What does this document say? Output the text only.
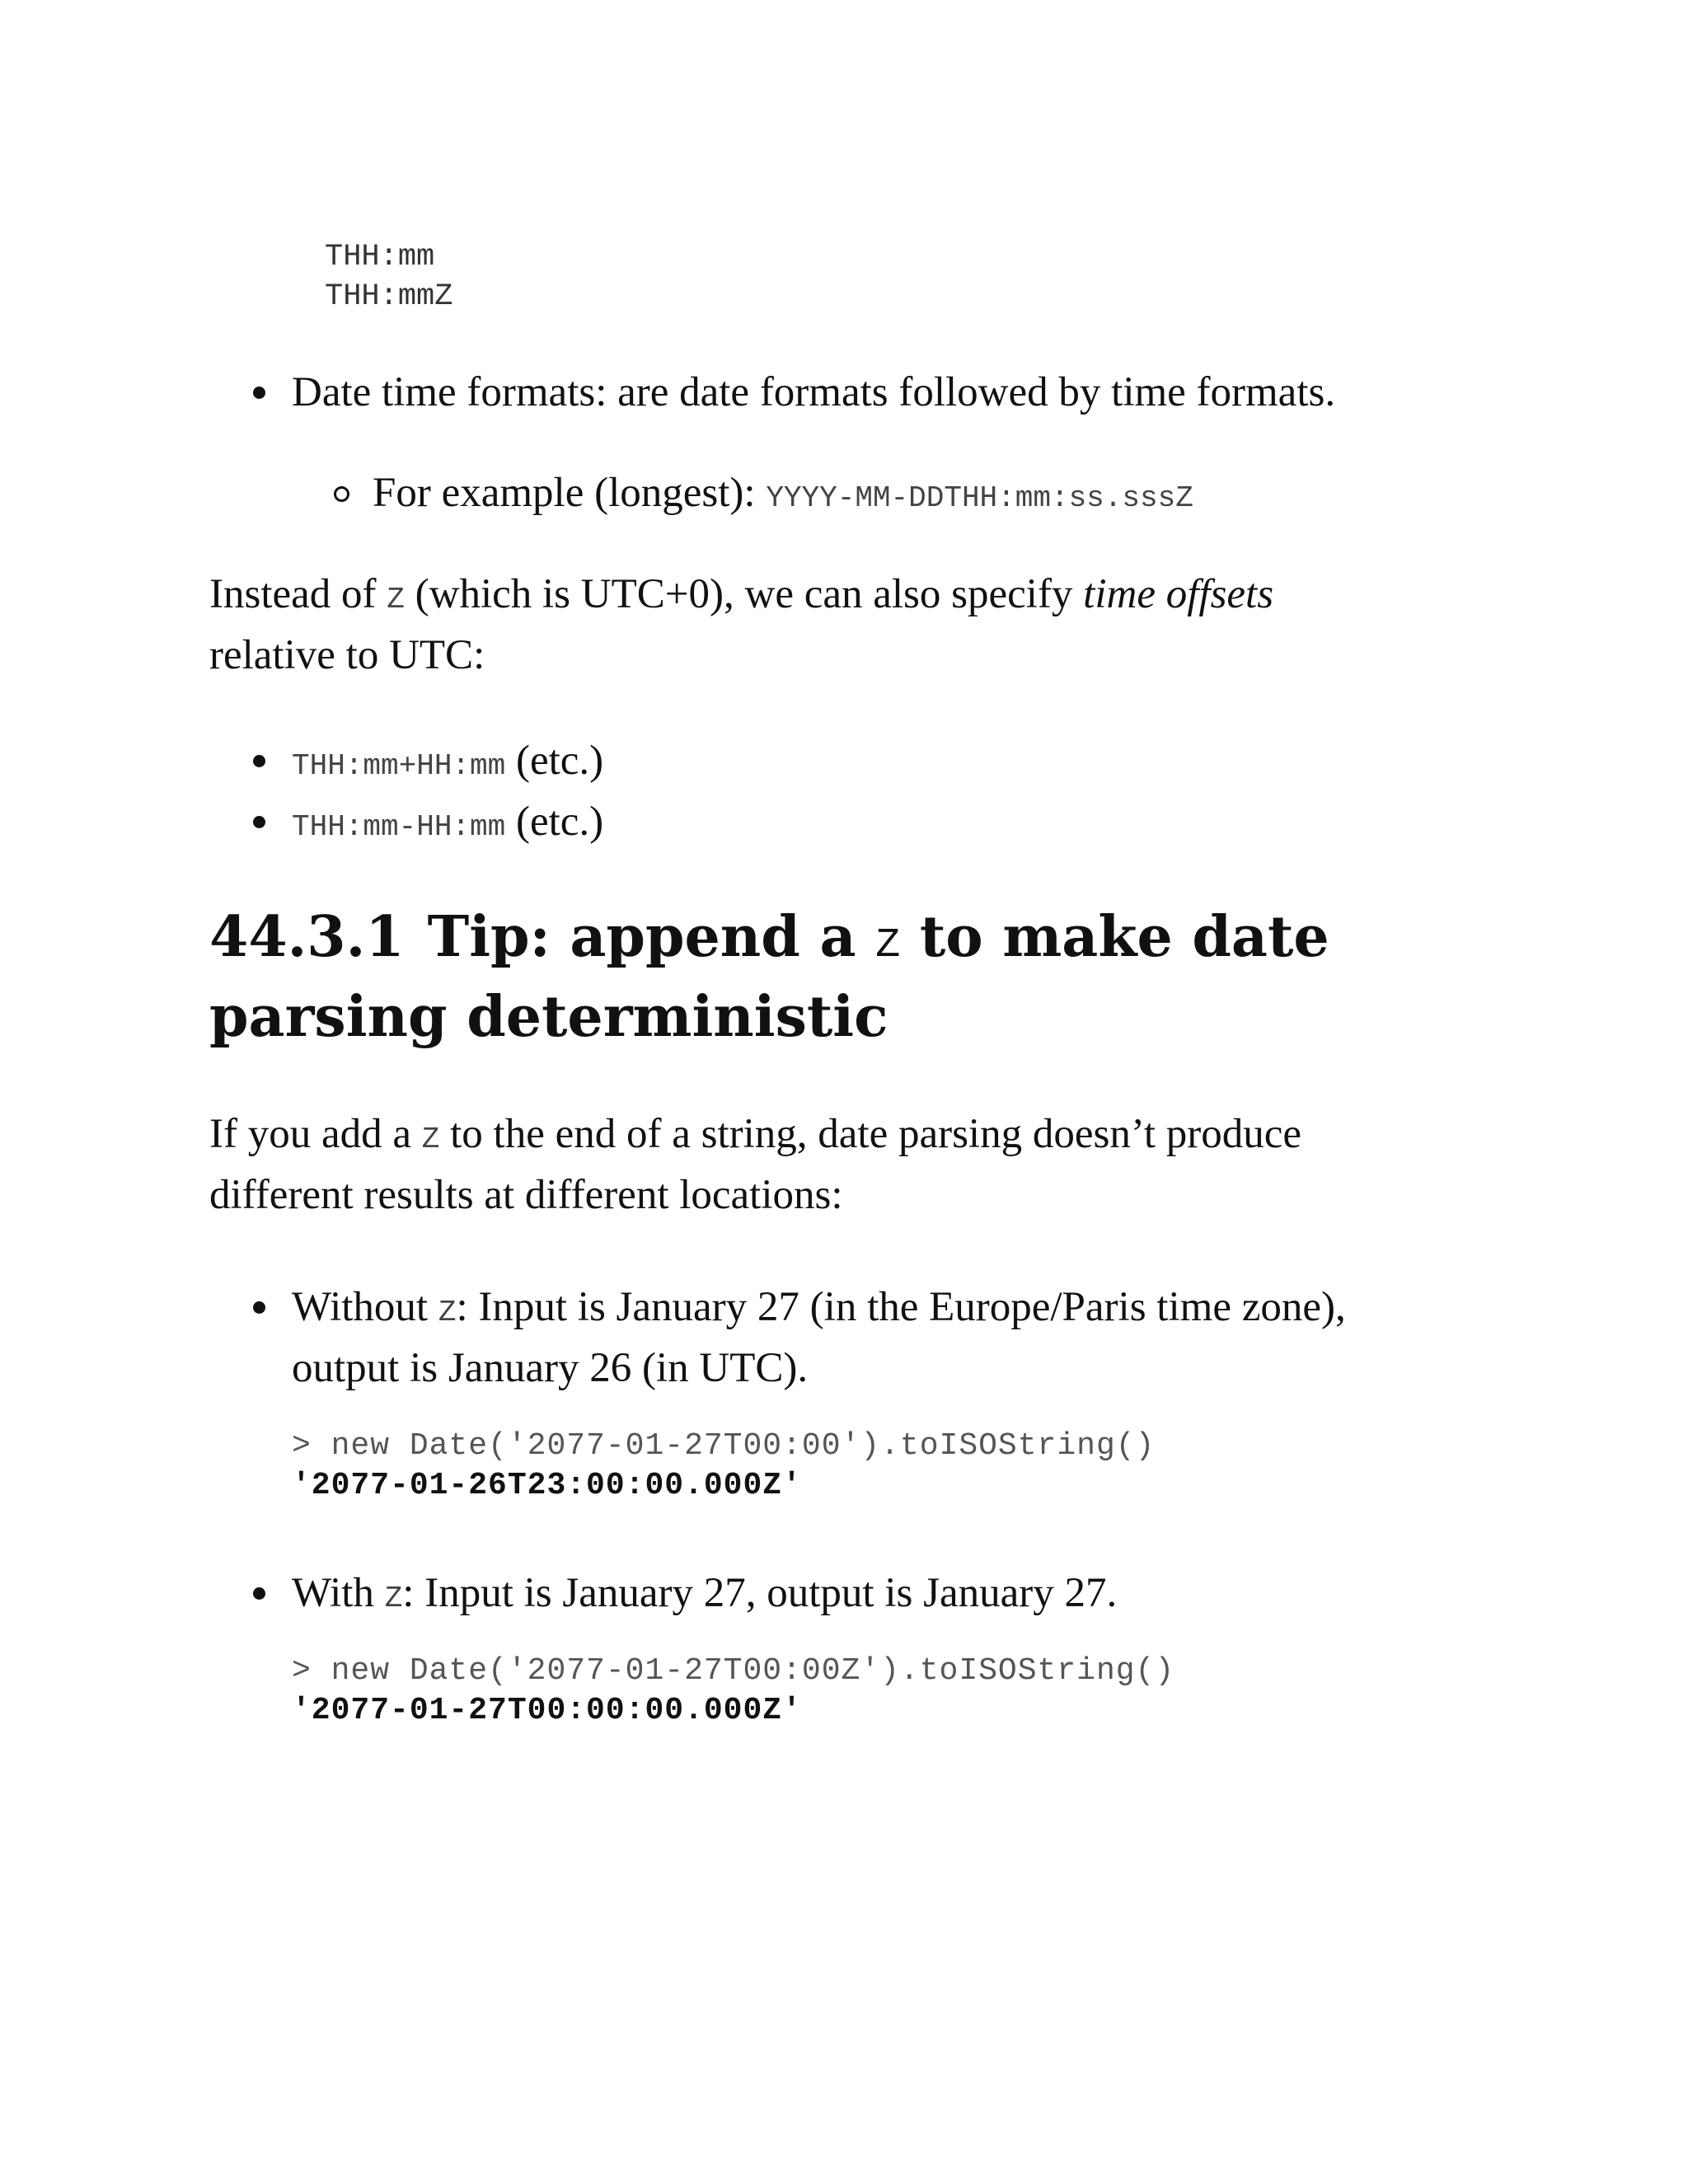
THH:mm
THH:mmZ
Date time formats: are date formats followed by time formats.
For example (longest): YYYY-MM-DDTHH:mm:ss.sssZ
Instead of Z (which is UTC+0), we can also specify time offsets
relative to UTC:
THH:mm+HH:mm (etc.)
THH:mm-HH:mm (etc.)
44.3.1 Tip: append a Z to make date
parsing deterministic
If you add a Z to the end of a string, date parsing doesn’t produce
different results at different locations:
Without Z: Input is January 27 (in the Europe/Paris time zone),
output is January 26 (in UTC).
> new Date('2077-01-27T00:00').toISOString()
'2077-01-26T23:00:00.000Z'
With Z: Input is January 27, output is January 27.
> new Date('2077-01-27T00:00Z').toISOString()
'2077-01-27T00:00:00.000Z'
